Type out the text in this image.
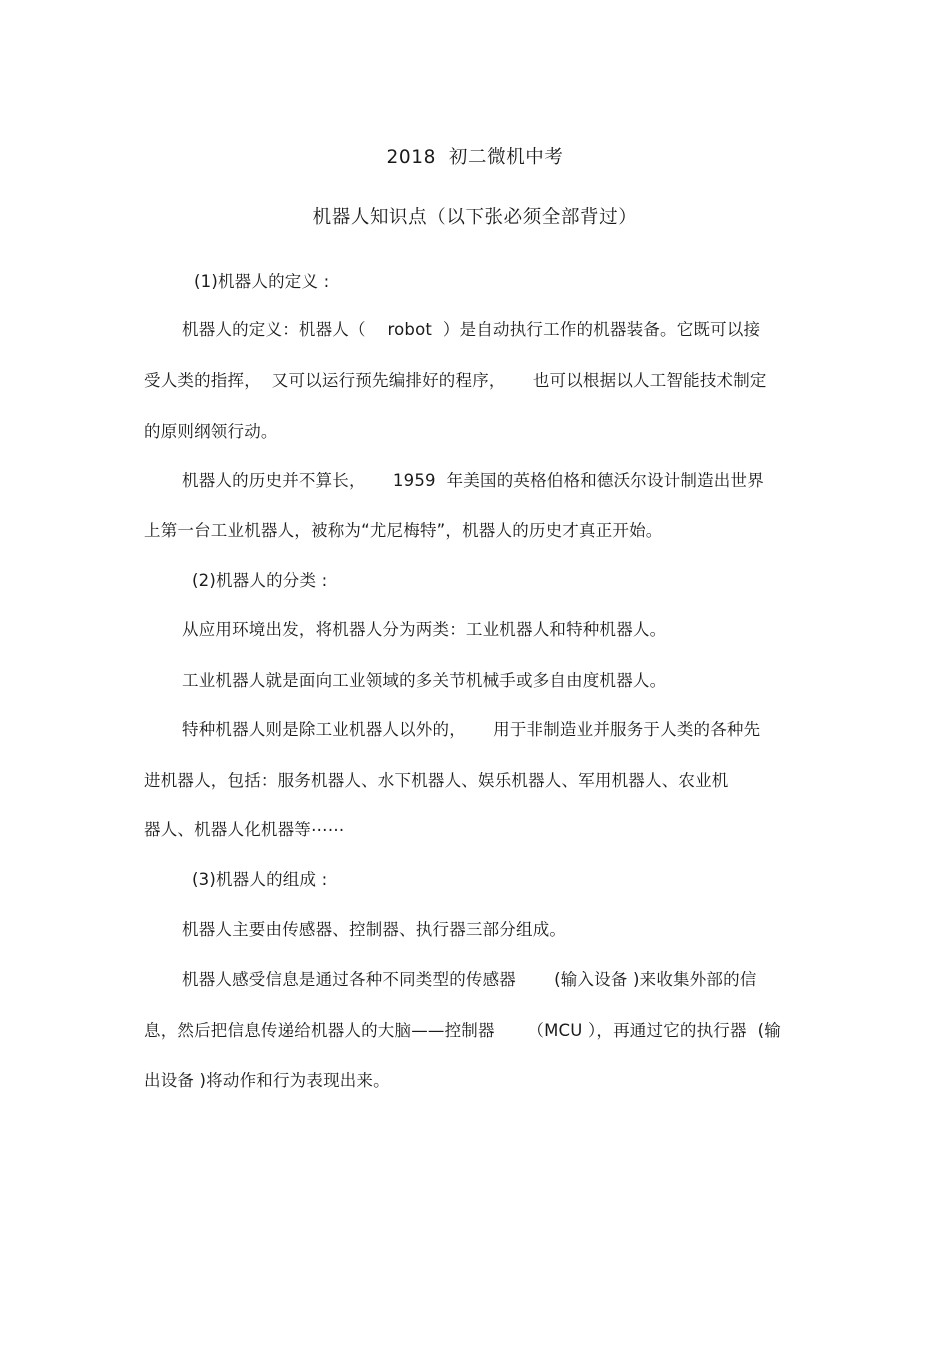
2018  初二微机中考
机器人知识点（以下张必须全部背过）
(1)机器人的定义 :
机器人的定义：机器人（    robot  ）是自动执行工作的机器装备。它既可以接
受人类的指挥，  又可以运行预先编排好的程序，     也可以根据以人工智能技术制定
的原则纲领行动。
机器人的历史并不算长，     1959  年美国的英格伯格和德沃尔设计制造出世界
上第一台工业机器人，被称为“尤尼梅特”，机器人的历史才真正开始。
(2)机器人的分类 :
从应用环境出发，将机器人分为两类：工业机器人和特种机器人。
工业机器人就是面向工业领域的多关节机械手或多自由度机器人。
特种机器人则是除工业机器人以外的，     用于非制造业并服务于人类的各种先
进机器人，包括：服务机器人、水下机器人、娱乐机器人、军用机器人、农业机
器人、机器人化机器等⋯⋯
(3)机器人的组成 :
机器人主要由传感器、控制器、执行器三部分组成。
机器人感受信息是通过各种不同类型的传感器       (输入设备 )来收集外部的信
息，然后把信息传递给机器人的大脑——控制器      （MCU ），再通过它的执行器  (输
出设备 )将动作和行为表现出来。
